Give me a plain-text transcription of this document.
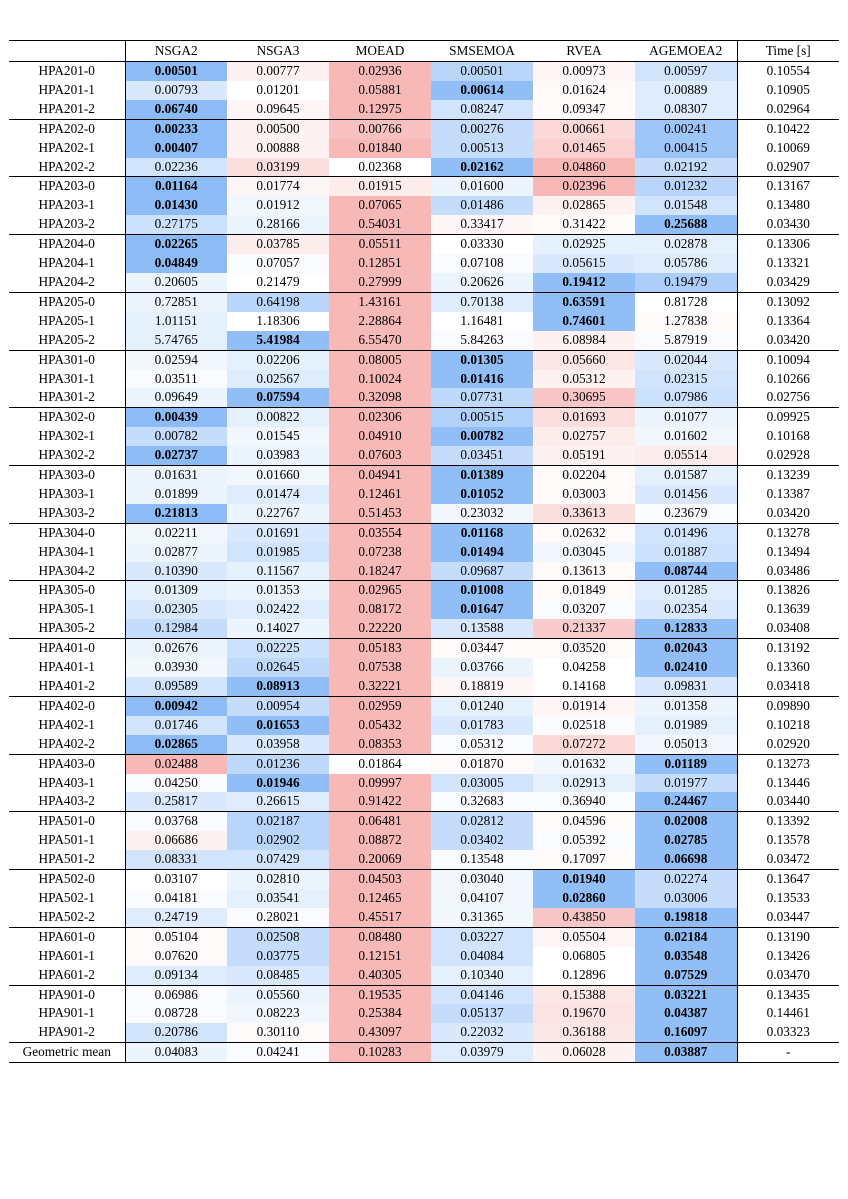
	NSGA2	NSGA3	MOEAD	SMSEMOA	RVEA	AGEMOEA2	Time [s]
HPA201-0	0.00501	0.00777	0.02936	0.00501	0.00973	0.00597	0.10554
HPA201-1	0.00793	0.01201	0.05881	0.00614	0.01624	0.00889	0.10905
HPA201-2	0.06740	0.09645	0.12975	0.08247	0.09347	0.08307	0.02964
HPA202-0	0.00233	0.00500	0.00766	0.00276	0.00661	0.00241	0.10422
HPA202-1	0.00407	0.00888	0.01840	0.00513	0.01465	0.00415	0.10069
HPA202-2	0.02236	0.03199	0.02368	0.02162	0.04860	0.02192	0.02907
HPA203-0	0.01164	0.01774	0.01915	0.01600	0.02396	0.01232	0.13167
HPA203-1	0.01430	0.01912	0.07065	0.01486	0.02865	0.01548	0.13480
HPA203-2	0.27175	0.28166	0.54031	0.33417	0.31422	0.25688	0.03430
HPA204-0	0.02265	0.03785	0.05511	0.03330	0.02925	0.02878	0.13306
HPA204-1	0.04849	0.07057	0.12851	0.07108	0.05615	0.05786	0.13321
HPA204-2	0.20605	0.21479	0.27999	0.20626	0.19412	0.19479	0.03429
HPA205-0	0.72851	0.64198	1.43161	0.70138	0.63591	0.81728	0.13092
HPA205-1	1.01151	1.18306	2.28864	1.16481	0.74601	1.27838	0.13364
HPA205-2	5.74765	5.41984	6.55470	5.84263	6.08984	5.87919	0.03420
HPA301-0	0.02594	0.02206	0.08005	0.01305	0.05660	0.02044	0.10094
HPA301-1	0.03511	0.02567	0.10024	0.01416	0.05312	0.02315	0.10266
HPA301-2	0.09649	0.07594	0.32098	0.07731	0.30695	0.07986	0.02756
HPA302-0	0.00439	0.00822	0.02306	0.00515	0.01693	0.01077	0.09925
HPA302-1	0.00782	0.01545	0.04910	0.00782	0.02757	0.01602	0.10168
HPA302-2	0.02737	0.03983	0.07603	0.03451	0.05191	0.05514	0.02928
HPA303-0	0.01631	0.01660	0.04941	0.01389	0.02204	0.01587	0.13239
HPA303-1	0.01899	0.01474	0.12461	0.01052	0.03003	0.01456	0.13387
HPA303-2	0.21813	0.22767	0.51453	0.23032	0.33613	0.23679	0.03420
HPA304-0	0.02211	0.01691	0.03554	0.01168	0.02632	0.01496	0.13278
HPA304-1	0.02877	0.01985	0.07238	0.01494	0.03045	0.01887	0.13494
HPA304-2	0.10390	0.11567	0.18247	0.09687	0.13613	0.08744	0.03486
HPA305-0	0.01309	0.01353	0.02965	0.01008	0.01849	0.01285	0.13826
HPA305-1	0.02305	0.02422	0.08172	0.01647	0.03207	0.02354	0.13639
HPA305-2	0.12984	0.14027	0.22220	0.13588	0.21337	0.12833	0.03408
HPA401-0	0.02676	0.02225	0.05183	0.03447	0.03520	0.02043	0.13192
HPA401-1	0.03930	0.02645	0.07538	0.03766	0.04258	0.02410	0.13360
HPA401-2	0.09589	0.08913	0.32221	0.18819	0.14168	0.09831	0.03418
HPA402-0	0.00942	0.00954	0.02959	0.01240	0.01914	0.01358	0.09890
HPA402-1	0.01746	0.01653	0.05432	0.01783	0.02518	0.01989	0.10218
HPA402-2	0.02865	0.03958	0.08353	0.05312	0.07272	0.05013	0.02920
HPA403-0	0.02488	0.01236	0.01864	0.01870	0.01632	0.01189	0.13273
HPA403-1	0.04250	0.01946	0.09997	0.03005	0.02913	0.01977	0.13446
HPA403-2	0.25817	0.26615	0.91422	0.32683	0.36940	0.24467	0.03440
HPA501-0	0.03768	0.02187	0.06481	0.02812	0.04596	0.02008	0.13392
HPA501-1	0.06686	0.02902	0.08872	0.03402	0.05392	0.02785	0.13578
HPA501-2	0.08331	0.07429	0.20069	0.13548	0.17097	0.06698	0.03472
HPA502-0	0.03107	0.02810	0.04503	0.03040	0.01940	0.02274	0.13647
HPA502-1	0.04181	0.03541	0.12465	0.04107	0.02860	0.03006	0.13533
HPA502-2	0.24719	0.28021	0.45517	0.31365	0.43850	0.19818	0.03447
HPA601-0	0.05104	0.02508	0.08480	0.03227	0.05504	0.02184	0.13190
HPA601-1	0.07620	0.03775	0.12151	0.04084	0.06805	0.03548	0.13426
HPA601-2	0.09134	0.08485	0.40305	0.10340	0.12896	0.07529	0.03470
HPA901-0	0.06986	0.05560	0.19535	0.04146	0.15388	0.03221	0.13435
HPA901-1	0.08728	0.08223	0.25384	0.05137	0.19670	0.04387	0.14461
HPA901-2	0.20786	0.30110	0.43097	0.22032	0.36188	0.16097	0.03323
Geometric mean	0.04083	0.04241	0.10283	0.03979	0.06028	0.03887	-
